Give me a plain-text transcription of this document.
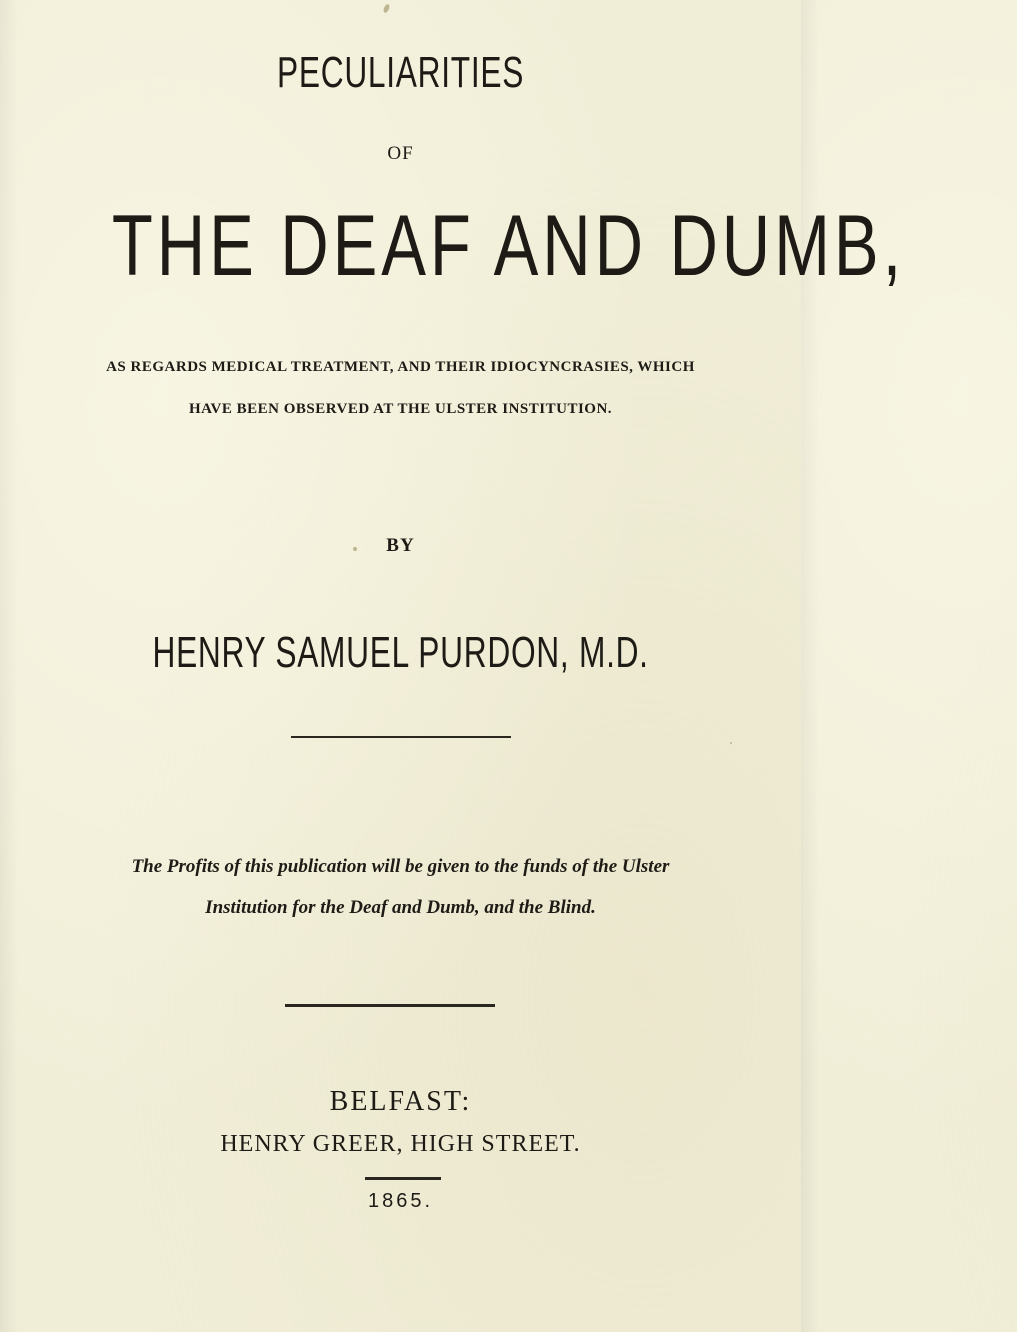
PECULIARITIES
OF
THE DEAF AND DUMB,
AS REGARDS MEDICAL TREATMENT, AND THEIR IDIOCYNCRASIES, WHICH
HAVE BEEN OBSERVED AT THE ULSTER INSTITUTION.
BY
HENRY SAMUEL PURDON, M.D.
The Profits of this publication will be given to the funds of the Ulster
Institution for the Deaf and Dumb, and the Blind.
BELFAST:
HENRY GREER, HIGH STREET.
1865.
